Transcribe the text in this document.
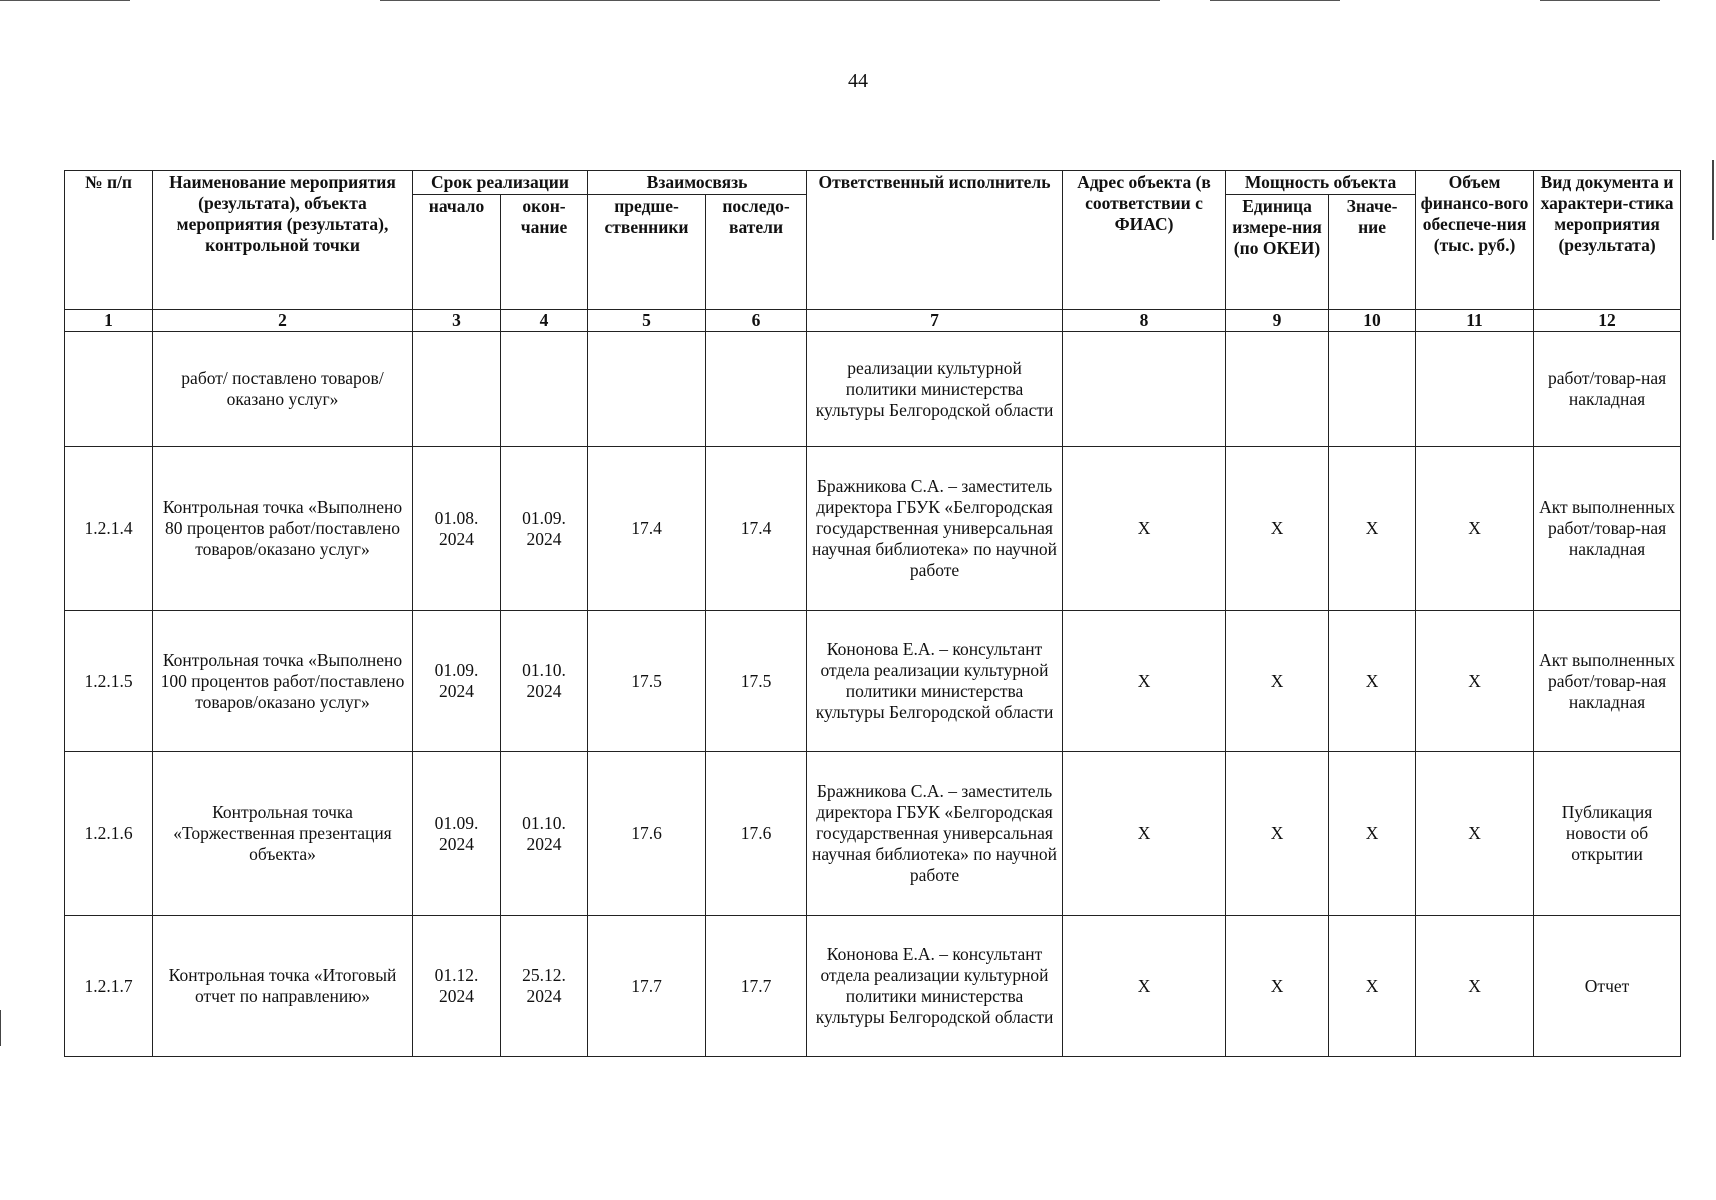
44
№ п/п	Наименование мероприятия (результата), объекта мероприятия (результата), контрольной точки	Срок реализации		Взаимосвязь		Ответственный исполнитель	Адрес объекта (в соответствии с ФИАС)	Мощность объекта		Объем финансо-вого обеспече-ния (тыс. руб.)	Вид документа и характери-стика мероприятия (результата)
		начало	окон-чание	предше-ственники	последо-ватели			Единица измере-ния (по ОКЕИ)	Значе-ние		
1	2	3	4	5	6	7	8	9	10	11	12
	работ/ поставлено товаров/ оказано услуг»					реализации культурной политики министерства культуры Белгородской области					работ/товар-ная накладная
1.2.1.4	Контрольная точка «Выполнено 80 процентов работ/поставлено товаров/оказано услуг»	01.08. 2024	01.09. 2024	17.4	17.4	Бражникова С.А. – заместитель директора ГБУК «Белгородская государственная универсальная научная библиотека» по научной работе	Х	Х	Х	Х	Акт выполненных работ/товар-ная накладная
1.2.1.5	Контрольная точка «Выполнено 100 процентов работ/поставлено товаров/оказано услуг»	01.09. 2024	01.10. 2024	17.5	17.5	Кононова Е.А. – консультант отдела реализации культурной политики министерства культуры Белгородской области	Х	Х	Х	Х	Акт выполненных работ/товар-ная накладная
1.2.1.6	Контрольная точка «Торжественная презентация объекта»	01.09. 2024	01.10. 2024	17.6	17.6	Бражникова С.А. – заместитель директора ГБУК «Белгородская государственная универсальная научная библиотека» по научной работе	Х	Х	Х	Х	Публикация новости об открытии
1.2.1.7	Контрольная точка «Итоговый отчет по направлению»	01.12. 2024	25.12. 2024	17.7	17.7	Кононова Е.А. – консультант отдела реализации культурной политики министерства культуры Белгородской области	Х	Х	Х	Х	Отчет
